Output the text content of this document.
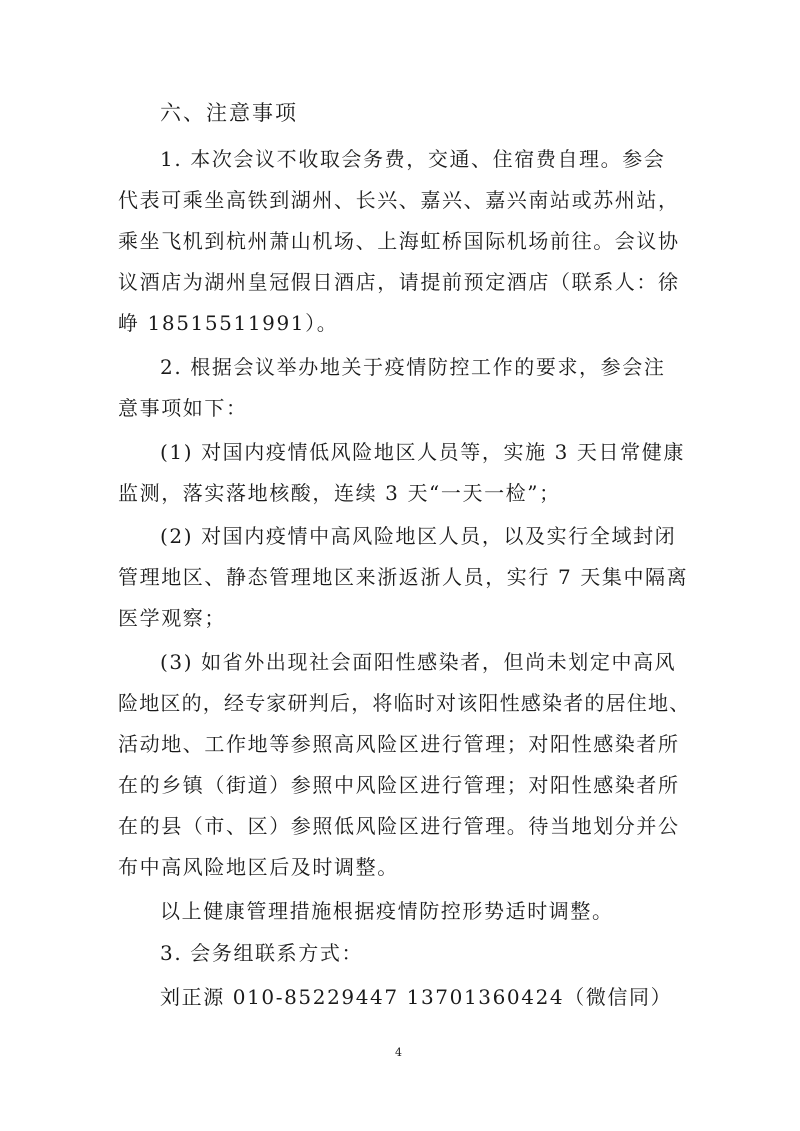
六、注意事项
1. 本次会议不收取会务费，交通、住宿费自理。参会
代表可乘坐高铁到湖州、长兴、嘉兴、嘉兴南站或苏州站，
乘坐飞机到杭州萧山机场、上海虹桥国际机场前往。会议协
议酒店为湖州皇冠假日酒店，请提前预定酒店（联系人：徐
峥 18515511991）。
2. 根据会议举办地关于疫情防控工作的要求，参会注
意事项如下：
(1) 对国内疫情低风险地区人员等，实施 3 天日常健康
监测，落实落地核酸，连续 3 天“一天一检”；
(2) 对国内疫情中高风险地区人员，以及实行全域封闭
管理地区、静态管理地区来浙返浙人员，实行 7 天集中隔离
医学观察；
(3) 如省外出现社会面阳性感染者，但尚未划定中高风
险地区的，经专家研判后，将临时对该阳性感染者的居住地、
活动地、工作地等参照高风险区进行管理；对阳性感染者所
在的乡镇（街道）参照中风险区进行管理；对阳性感染者所
在的县（市、区）参照低风险区进行管理。待当地划分并公
布中高风险地区后及时调整。
以上健康管理措施根据疫情防控形势适时调整。
3. 会务组联系方式：
刘正源 010-85229447 13701360424（微信同）
4
